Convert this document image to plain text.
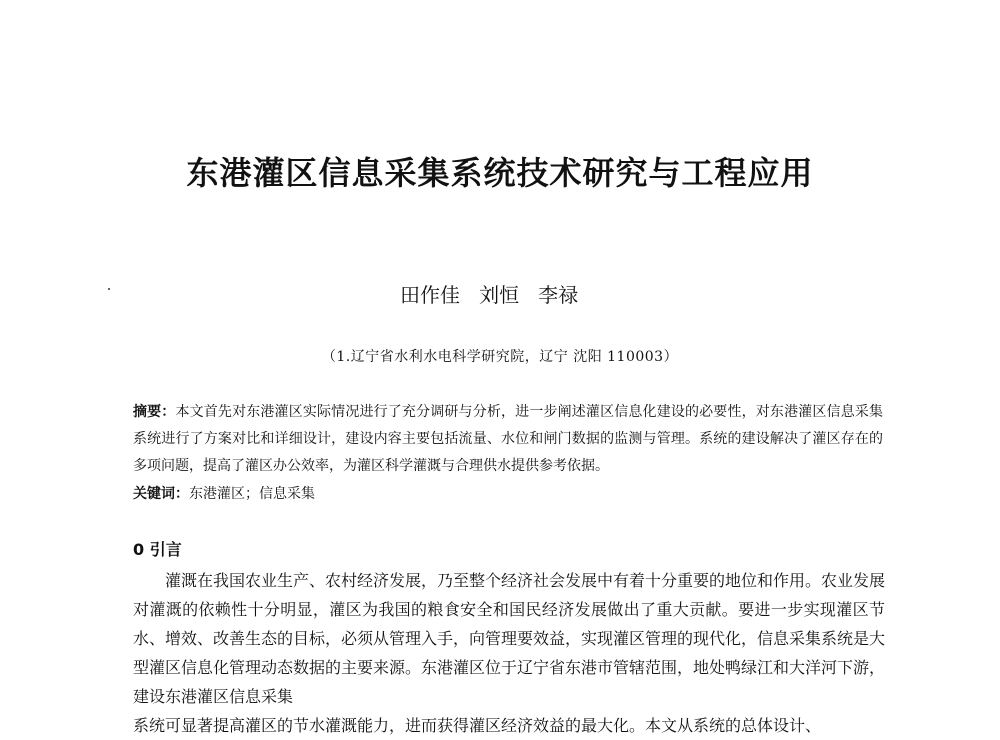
东港灌区信息采集系统技术研究与工程应用
田作佳   刘恒   李禄
（1.辽宁省水利水电科学研究院，辽宁 沈阳 110003）
摘要：本文首先对东港灌区实际情况进行了充分调研与分析，进一步阐述灌区信息化建设的必要性，对东港灌区信息采集系统进行了方案对比和详细设计，建设内容主要包括流量、水位和闸门数据的监测与管理。系统的建设解决了灌区存在的多项问题，提高了灌区办公效率，为灌区科学灌溉与合理供水提供参考依据。
关键词：东港灌区；信息采集
0 引言

灌溉在我国农业生产、农村经济发展，乃至整个经济社会发展中有着十分重要的地位和作用。农业发展对灌溉的依赖性十分明显，灌区为我国的粮食安全和国民经济发展做出了重大贡献。要进一步实现灌区节水、增效、改善生态的目标，必须从管理入手，向管理要效益，实现灌区管理的现代化，信息采集系统是大型灌区信息化管理动态数据的主要来源。东港灌区位于辽宁省东港市管辖范围，地处鸭绿江和大洋河下游，建设东港灌区信息采集

系统可显著提高灌区的节水灌溉能力，进而获得灌区经济效益的最大化。本文从系统的总体设计、
